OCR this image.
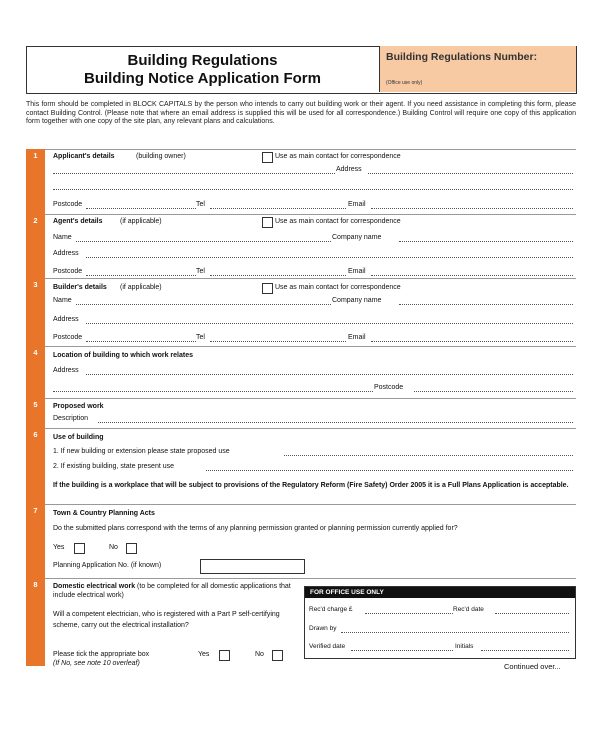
Building Regulations
Building Notice Application Form
Building Regulations Number:
(Office use only)
This form should be completed in BLOCK CAPITALS by the person who intends to carry out building work or their agent. If you need assistance in completing this form, please contact Building Control. (Please note that where an email address is supplied this will be used for all correspondence.) Building Control will require one copy of this application form together with one copy of the site plan, any relevant plans and calculations.
1	Applicant's details	(building owner)	Use as main contact for correspondence
Address
Postcode	Tel	Email
2	Agent's details (if applicable)	Use as main contact for correspondence
Name	Company name
Address
Postcode	Tel	Email
3	Builder's details (if applicable)	Use as main contact for correspondence
Name	Company name
Address
Postcode	Tel	Email
4	Location of building to which work relates
Address
Postcode
5	Proposed work
Description
6	Use of building
1. If new building or extension please state proposed use
2. If existing building, state present use
If the building is a workplace that will be subject to provisions of the Regulatory Reform (Fire Safety) Order 2005 it is a Full Plans Application is acceptable.
7	Town & Country Planning Acts
Do the submitted plans correspond with the terms of any planning permission granted or planning permission currently applied for?
Yes	No
Planning Application No. (if known)
8	Domestic electrical work (to be completed for all domestic applications that include electrical work)
Will a competent electrician, who is registered with a Part P self-certifying scheme, carry out the electrical installation?
Please tick the appropriate box
(If No, see note 10 overleaf)
Yes	No
FOR OFFICE USE ONLY
Rec'd charge £	Rec'd date
Drawn by
Verified date	Initials
Continued over...
